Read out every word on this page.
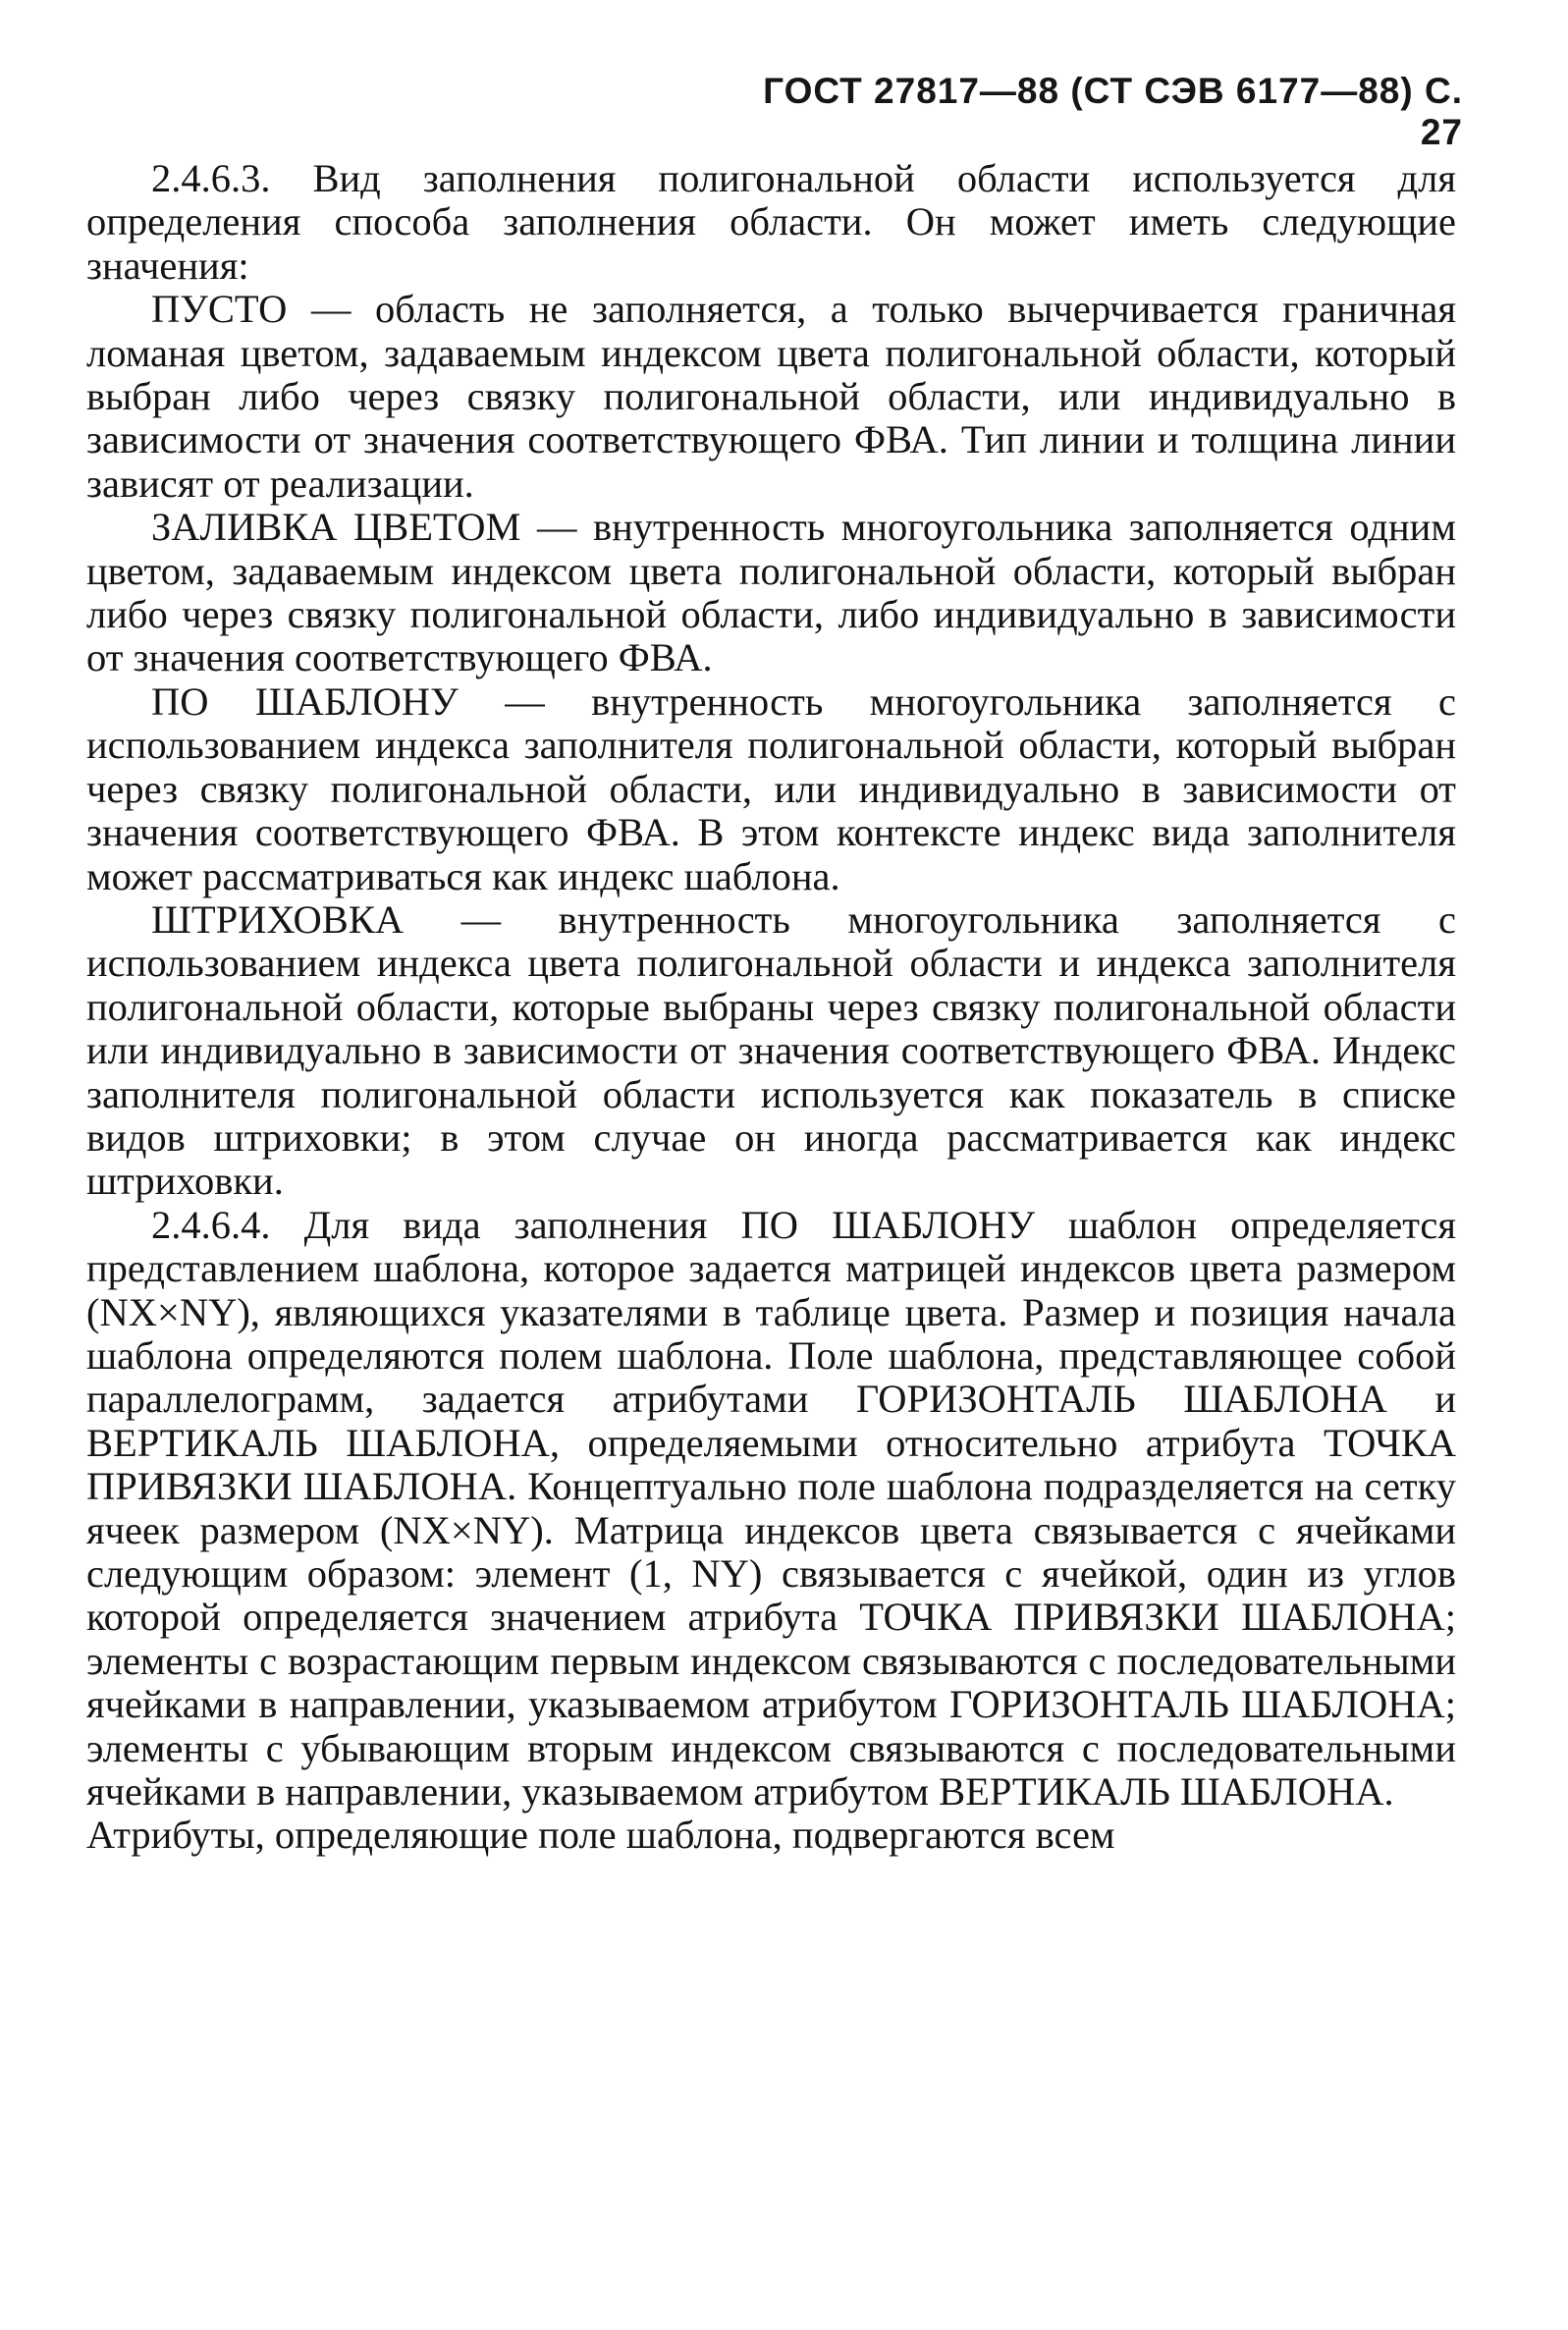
ГОСТ 27817—88 (СТ СЭВ 6177—88) С. 27

2.4.6.3. Вид заполнения полигональной области используется для определения способа заполнения области. Он может иметь следующие значения:

ПУСТО — область не заполняется, а только вычерчивается граничная ломаная цветом, задаваемым индексом цвета полигональной области, который выбран либо через связку полигональной области, или индивидуально в зависимости от значения соответствующего ФВА. Тип линии и толщина линии зависят от реализации.

ЗАЛИВКА ЦВЕТОМ — внутренность многоугольника заполняется одним цветом, задаваемым индексом цвета полигональной области, который выбран либо через связку полигональной области, либо индивидуально в зависимости от значения соответствующего ФВА.

ПО ШАБЛОНУ — внутренность многоугольника заполняется с использованием индекса заполнителя полигональной области, который выбран через связку полигональной области, или индивидуально в зависимости от значения соответствующего ФВА. В этом контексте индекс вида заполнителя может рассматриваться как индекс шаблона.

ШТРИХОВКА — внутренность многоугольника заполняется с использованием индекса цвета полигональной области и индекса заполнителя полигональной области, которые выбраны через связку полигональной области или индивидуально в зависимости от значения соответствующего ФВА. Индекс заполнителя полигональной области используется как показатель в списке видов штриховки; в этом случае он иногда рассматривается как индекс штриховки.

2.4.6.4. Для вида заполнения ПО ШАБЛОНУ шаблон определяется представлением шаблона, которое задается матрицей индексов цвета размером (NX×NY), являющихся указателями в таблице цвета. Размер и позиция начала шаблона определяются полем шаблона. Поле шаблона, представляющее собой параллелограмм, задается атрибутами ГОРИЗОНТАЛЬ ШАБЛОНА и ВЕРТИКАЛЬ ШАБЛОНА, определяемыми относительно атрибута ТОЧКА ПРИВЯЗКИ ШАБЛОНА. Концептуально поле шаблона подразделяется на сетку ячеек размером (NX×NY). Матрица индексов цвета связывается с ячейками следующим образом: элемент (1, NY) связывается с ячейкой, один из углов которой определяется значением атрибута ТОЧКА ПРИВЯЗКИ ШАБЛОНА; элементы с возрастающим первым индексом связываются с последовательными ячейками в направлении, указываемом атрибутом ГОРИЗОНТАЛЬ ШАБЛОНА; элементы с убывающим вторым индексом связываются с последовательными ячейками в направлении, указываемом атрибутом ВЕРТИКАЛЬ ШАБЛОНА.

Атрибуты, определяющие поле шаблона, подвергаются всем
